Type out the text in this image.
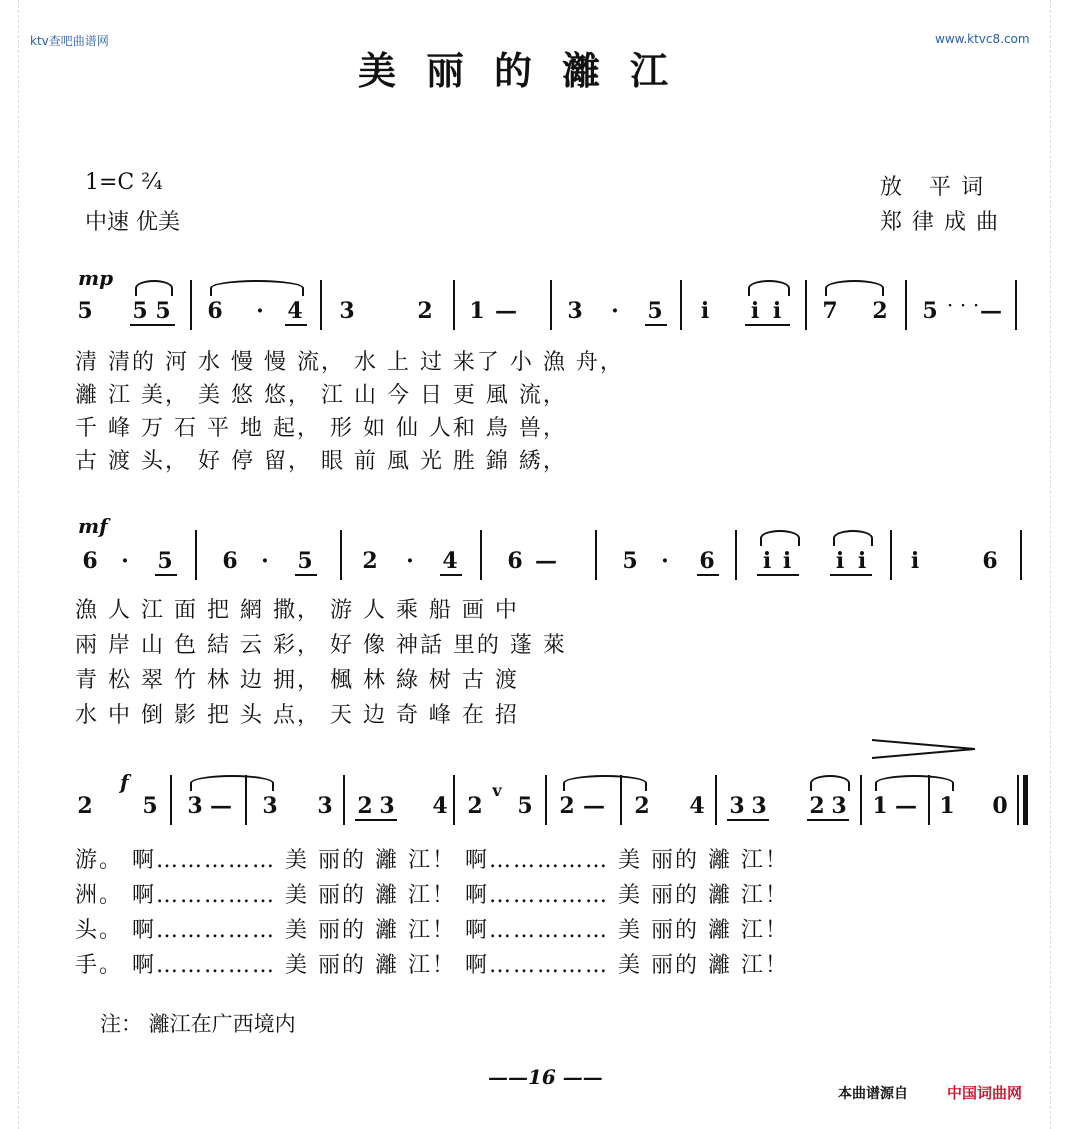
ktv查吧曲谱网	www.ktvc8.com
美丽的灕江
1=C ²⁄₄
中速 优美
放 平词
郑律成曲
mp
5 5 5 6 · 4 3	2 1 — 3 · 5 i i i 7 2 5 · · · —
清 清的 河 水 慢 慢 流， 水 上 过 来了 小 漁 舟，
灕 江 美， 美 悠 悠， 江 山 今 日 更 風 流，
千 峰 万 石 平 地 起， 形 如 仙 人和 鳥 兽，
古 渡 头， 好 停 留， 眼 前 風 光 胜 錦 綉，
mf
6 · 5 6 · 5 2 · 4 6 —	5 · 6 i i i i i	6
漁 人 江 面 把 網 撒， 游 人 乘 船 画 中
兩 岸 山 色 結 云 彩， 好 像 神話 里的 蓬 萊
青 松 翠 竹 林 边 拥， 楓 林 綠 树 古 渡
水 中 倒 影 把 头 点， 天 边 奇 峰 在 招
f
2 5 3 — 3 3 2 3 4 2
v
5 2 — 2 4 3 3 2 3 1 — 1 0
游。 啊…………… 美 丽的 灕 江！ 啊…………… 美 丽的 灕 江！
洲。 啊…………… 美 丽的 灕 江！ 啊…………… 美 丽的 灕 江！
头。 啊…………… 美 丽的 灕 江！ 啊…………… 美 丽的 灕 江！
手。 啊…………… 美 丽的 灕 江！ 啊…………… 美 丽的 灕 江！
注： 灕江在广西境内
——16 ——
本曲谱源自	中国词曲网
